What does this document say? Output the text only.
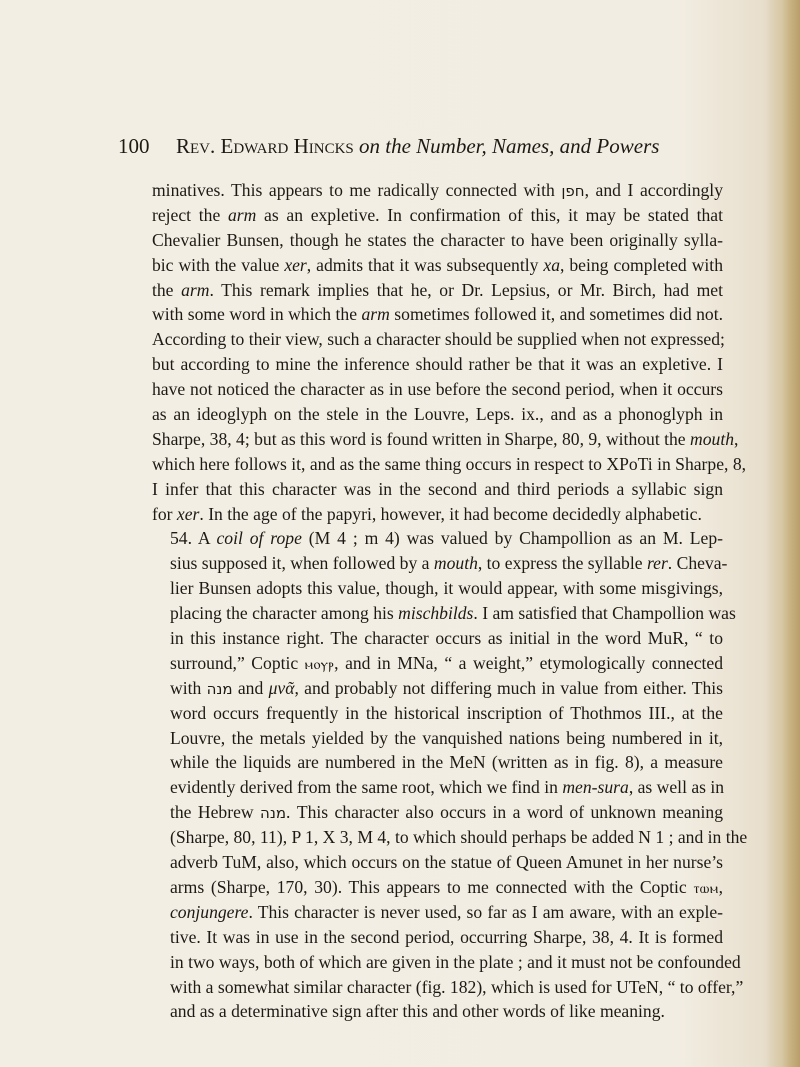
100 Rev. Edward Hincks on the Number, Names, and Powers

minatives. This appears to me radically connected with חפן, and I accordingly
reject the arm as an expletive. In confirmation of this, it may be stated that
Chevalier Bunsen, though he states the character to have been originally sylla-
bic with the value xer, admits that it was subsequently xa, being completed with
the arm. This remark implies that he, or Dr. Lepsius, or Mr. Birch, had met
with some word in which the arm sometimes followed it, and sometimes did not.
According to their view, such a character should be supplied when not expressed;
but according to mine the inference should rather be that it was an expletive. I
have not noticed the character as in use before the second period, when it occurs
as an ideoglyph on the stele in the Louvre, Leps. ix., and as a phonoglyph in
Sharpe, 38, 4; but as this word is found written in Sharpe, 80, 9, without the mouth,
which here follows it, and as the same thing occurs in respect to XPoTi in Sharpe, 8,
I infer that this character was in the second and third periods a syllabic sign
for xer. In the age of the papyri, however, it had become decidedly alphabetic.

54. A coil of rope (M 4 ; m 4) was valued by Champollion as an M. Lep-
sius supposed it, when followed by a mouth, to express the syllable rer. Cheva-
lier Bunsen adopts this value, though, it would appear, with some misgivings,
placing the character among his mischbilds. I am satisfied that Champollion was
in this instance right. The character occurs as initial in the word MuR, “ to
surround,” Coptic ⲙⲟⲩⲣ, and in MNa, “ a weight,” etymologically connected
with מנה and μνᾶ, and probably not differing much in value from either. This
word occurs frequently in the historical inscription of Thothmos III., at the
Louvre, the metals yielded by the vanquished nations being numbered in it,
while the liquids are numbered in the MeN (written as in fig. 8), a measure
evidently derived from the same root, which we find in men-sura, as well as in
the Hebrew מנה. This character also occurs in a word of unknown meaning
(Sharpe, 80, 11), P 1, X 3, M 4, to which should perhaps be added N 1 ; and in the
adverb TuM, also, which occurs on the statue of Queen Amunet in her nurse’s
arms (Sharpe, 170, 30). This appears to me connected with the Coptic ⲧⲱⲙ,
conjungere. This character is never used, so far as I am aware, with an exple-
tive. It was in use in the second period, occurring Sharpe, 38, 4. It is formed
in two ways, both of which are given in the plate ; and it must not be confounded
with a somewhat similar character (fig. 182), which is used for UTeN, “ to offer,”
and as a determinative sign after this and other words of like meaning.
